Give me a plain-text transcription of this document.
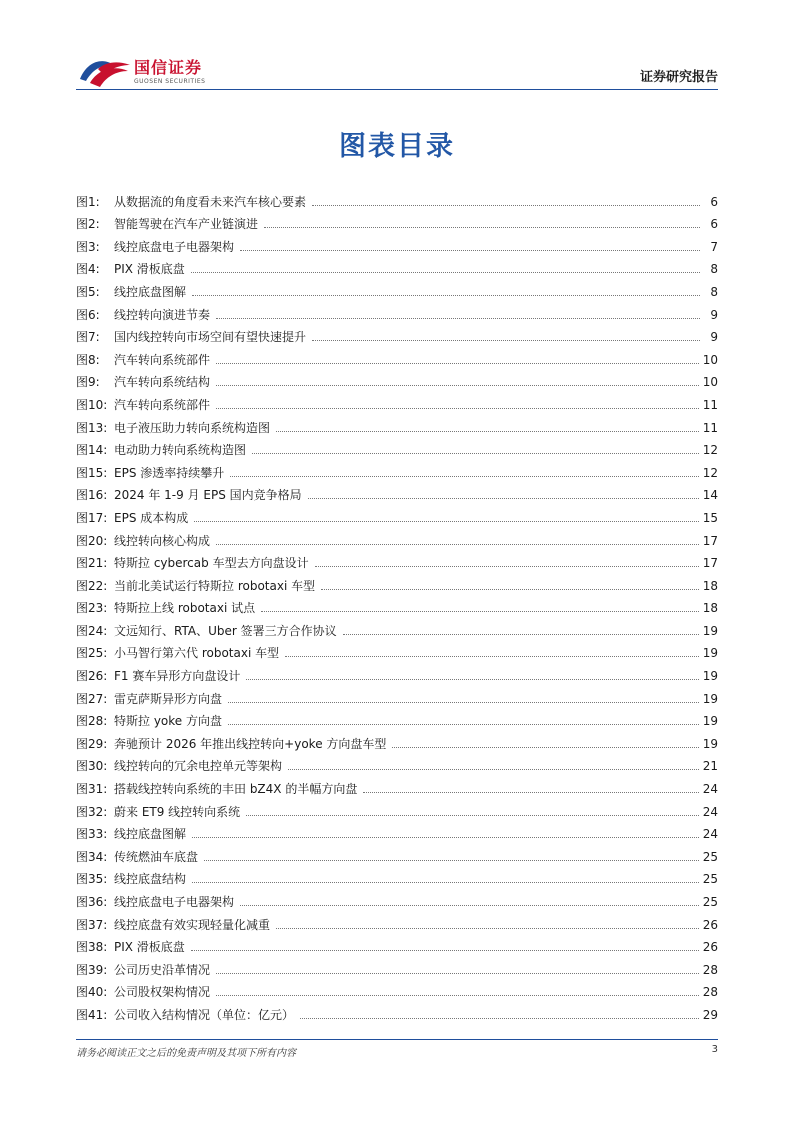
国信证券
GUOSEN SECURITIES	证券研究报告
图表目录
图1:	从数据流的角度看未来汽车核心要素	6
图2:	智能驾驶在汽车产业链演进	6
图3:	线控底盘电子电器架构	7
图4:	PIX 滑板底盘	8
图5:	线控底盘图解	8
图6:	线控转向演进节奏	9
图7:	国内线控转向市场空间有望快速提升	9
图8:	汽车转向系统部件	10
图9:	汽车转向系统结构	10
图10: 汽车转向系统部件	11
图13: 电子液压助力转向系统构造图	11
图14: 电动助力转向系统构造图	12
图15: EPS 渗透率持续攀升	12
图16: 2024 年 1-9 月 EPS 国内竞争格局	14
图17: EPS 成本构成	15
图20: 线控转向核心构成	17
图21: 特斯拉 cybercab 车型去方向盘设计	17
图22: 当前北美试运行特斯拉 robotaxi 车型	18
图23: 特斯拉上线 robotaxi 试点	18
图24: 文远知行、RTA、Uber 签署三方合作协议	19
图25: 小马智行第六代 robotaxi 车型	19
图26: F1 赛车异形方向盘设计	19
图27: 雷克萨斯异形方向盘	19
图28: 特斯拉 yoke 方向盘	19
图29: 奔驰预计 2026 年推出线控转向+yoke 方向盘车型	19
图30: 线控转向的冗余电控单元等架构	21
图31: 搭载线控转向系统的丰田 bZ4X 的半幅方向盘	24
图32: 蔚来 ET9 线控转向系统	24
图33: 线控底盘图解	24
图34: 传统燃油车底盘	25
图35: 线控底盘结构	25
图36: 线控底盘电子电器架构	25
图37: 线控底盘有效实现轻量化减重	26
图38: PIX 滑板底盘	26
图39: 公司历史沿革情况	28
图40: 公司股权架构情况	28
图41: 公司收入结构情况（单位：亿元）	29
请务必阅读正文之后的免责声明及其项下所有内容	3
